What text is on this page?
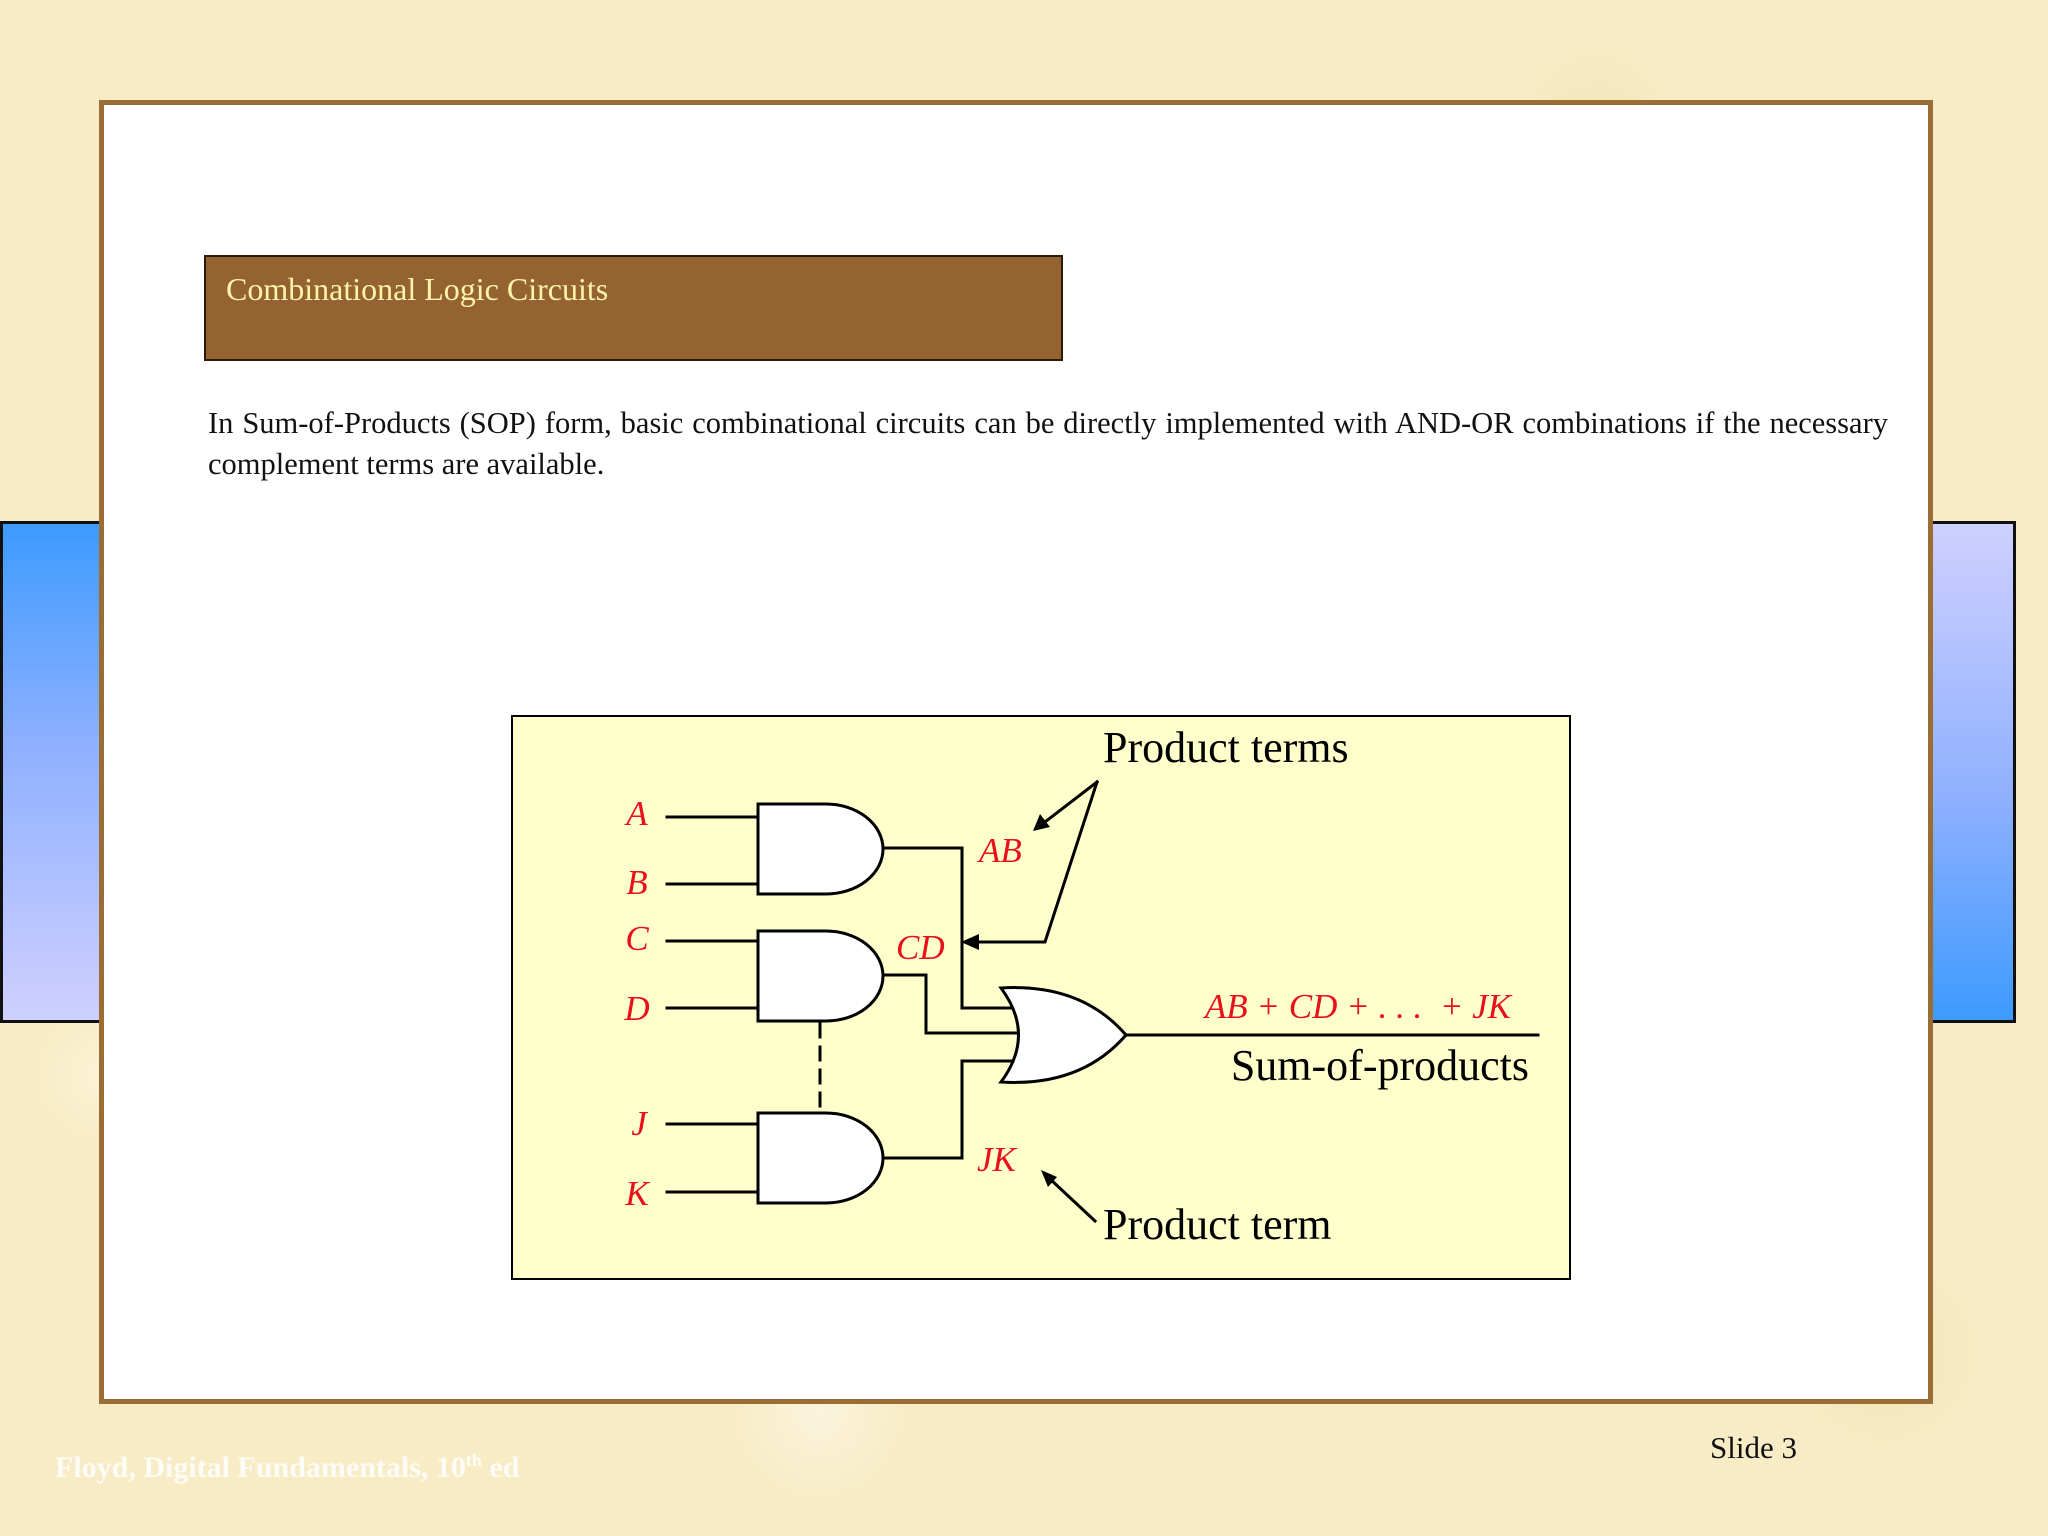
Combinational Logic Circuits
In Sum-of-Products (SOP) form, basic combinational circuits can be directly implemented with AND-OR combinations if the necessary complement terms are available.
A
B
C
D
J
K
AB
CD
JK
AB + CD + . . .  + JK
Product terms
Sum-of-products
Product term
Slide 3
Floyd, Digital Fundamentals, 10th ed
